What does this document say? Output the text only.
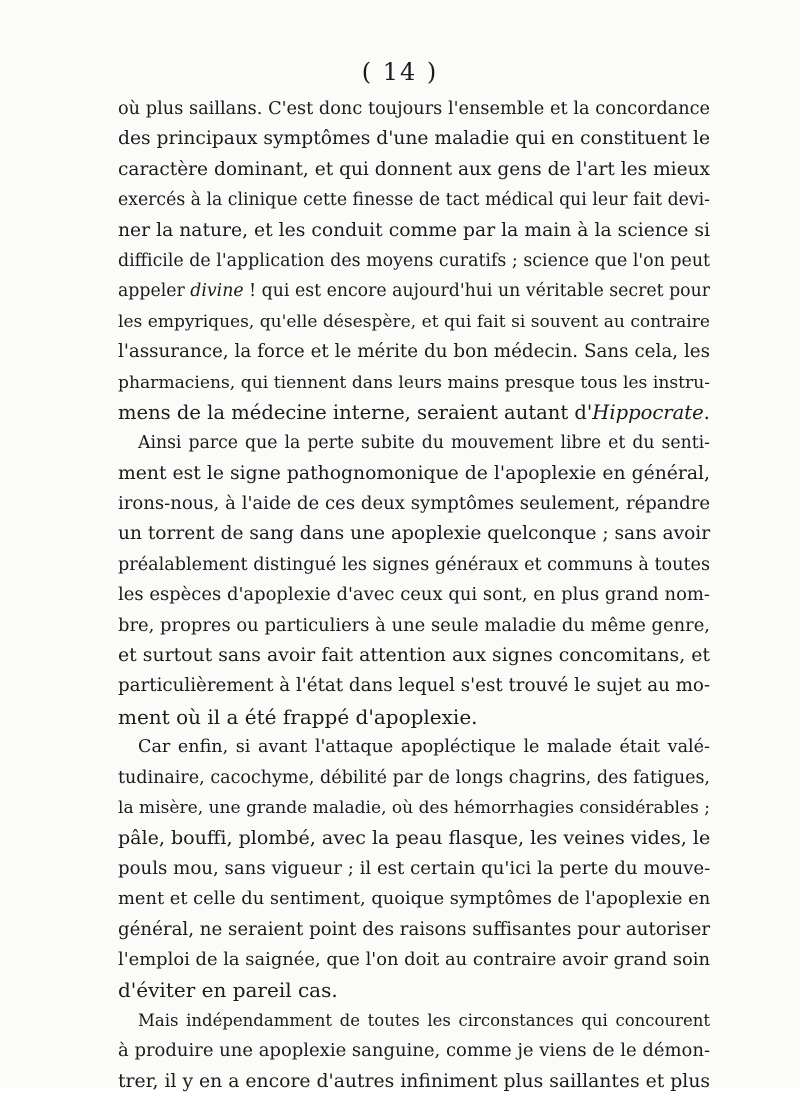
( 14 )

où plus saillans. C'est donc toujours l'ensemble et la concordance
des principaux symptômes d'une maladie qui en constituent le
caractère dominant, et qui donnent aux gens de l'art les mieux
exercés à la clinique cette finesse de tact médical qui leur fait devi-
ner la nature, et les conduit comme par la main à la science si
difficile de l'application des moyens curatifs ; science que l'on peut
appeler divine ! qui est encore aujourd'hui un véritable secret pour
les empyriques, qu'elle désespère, et qui fait si souvent au contraire
l'assurance, la force et le mérite du bon médecin. Sans cela, les
pharmaciens, qui tiennent dans leurs mains presque tous les instru-
mens de la médecine interne, seraient autant d'Hippocrate.
Ainsi parce que la perte subite du mouvement libre et du senti-
ment est le signe pathognomonique de l'apoplexie en général,
irons-nous, à l'aide de ces deux symptômes seulement, répandre
un torrent de sang dans une apoplexie quelconque ; sans avoir
préalablement distingué les signes généraux et communs à toutes
les espèces d'apoplexie d'avec ceux qui sont, en plus grand nom-
bre, propres ou particuliers à une seule maladie du même genre,
et surtout sans avoir fait attention aux signes concomitans, et
particulièrement à l'état dans lequel s'est trouvé le sujet au mo-
ment où il a été frappé d'apoplexie.
Car enfin, si avant l'attaque apopléctique le malade était valé-
tudinaire, cacochyme, débilité par de longs chagrins, des fatigues,
la misère, une grande maladie, où des hémorrhagies considérables ;
pâle, bouffi, plombé, avec la peau flasque, les veines vides, le
pouls mou, sans vigueur ; il est certain qu'ici la perte du mouve-
ment et celle du sentiment, quoique symptômes de l'apoplexie en
général, ne seraient point des raisons suffisantes pour autoriser
l'emploi de la saignée, que l'on doit au contraire avoir grand soin
d'éviter en pareil cas.
Mais indépendamment de toutes les circonstances qui concourent
à produire une apoplexie sanguine, comme je viens de le démon-
trer, il y en a encore d'autres infiniment plus saillantes et plus
